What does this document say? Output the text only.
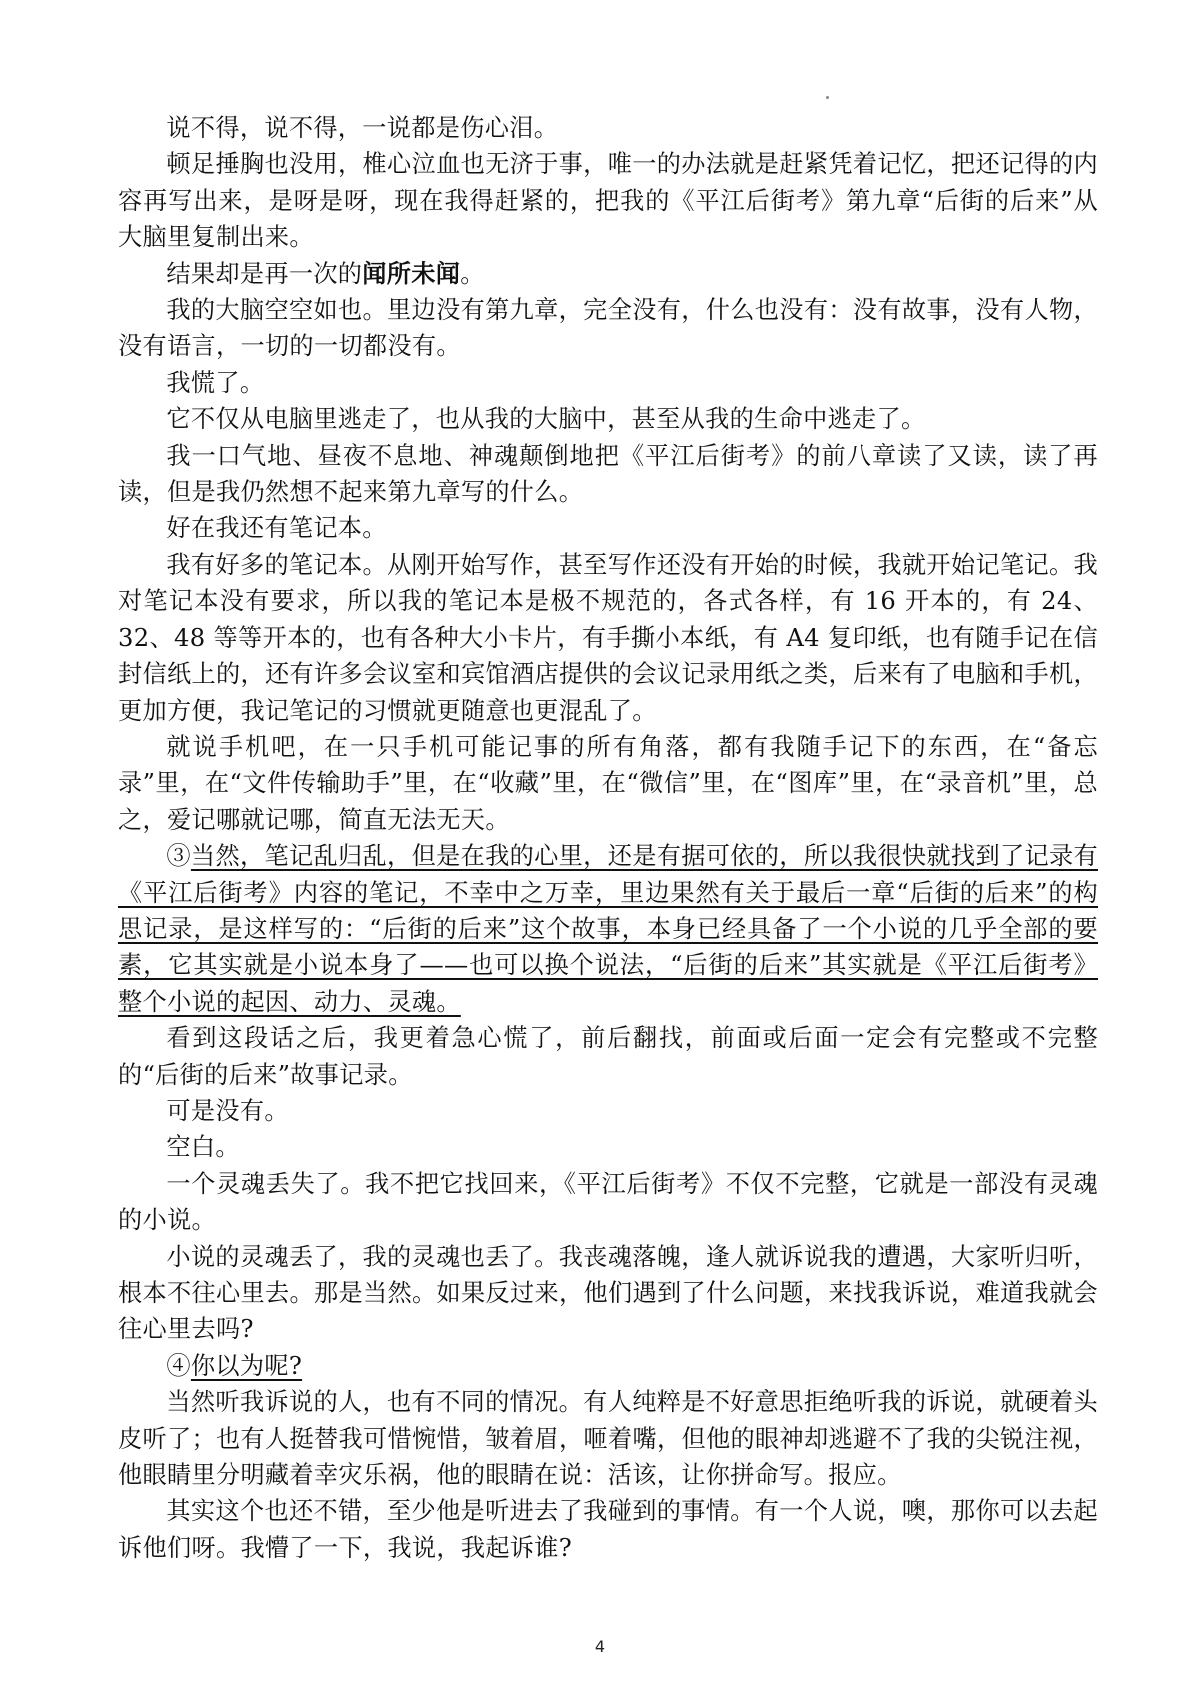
说不得，说不得，一说都是伤心泪。

顿足捶胸也没用，椎心泣血也无济于事，唯一的办法就是赶紧凭着记忆，把还记得的内容再写出来，是呀是呀，现在我得赶紧的，把我的《平江后街考》第九章“后街的后来”从大脑里复制出来。

结果却是再一次的闻所未闻。

我的大脑空空如也。里边没有第九章，完全没有，什么也没有：没有故事，没有人物，没有语言，一切的一切都没有。

我慌了。

它不仅从电脑里逃走了，也从我的大脑中，甚至从我的生命中逃走了。

我一口气地、昼夜不息地、神魂颠倒地把《平江后街考》的前八章读了又读，读了再读，但是我仍然想不起来第九章写的什么。

好在我还有笔记本。

我有好多的笔记本。从刚开始写作，甚至写作还没有开始的时候，我就开始记笔记。我对笔记本没有要求，所以我的笔记本是极不规范的，各式各样，有 16 开本的，有 24、32、48 等等开本的，也有各种大小卡片，有手撕小本纸，有 A4 复印纸，也有随手记在信封信纸上的，还有许多会议室和宾馆酒店提供的会议记录用纸之类，后来有了电脑和手机，更加方便，我记笔记的习惯就更随意也更混乱了。

就说手机吧，在一只手机可能记事的所有角落，都有我随手记下的东西，在“备忘录”里，在“文件传输助手”里，在“收藏”里，在“微信”里，在“图库”里，在“录音机”里，总之，爱记哪就记哪，简直无法无天。

③当然，笔记乱归乱，但是在我的心里，还是有据可依的，所以我很快就找到了记录有《平江后街考》内容的笔记，不幸中之万幸，里边果然有关于最后一章“后街的后来”的构思记录，是这样写的：“后街的后来”这个故事，本身已经具备了一个小说的几乎全部的要素，它其实就是小说本身了——也可以换个说法，“后街的后来”其实就是《平江后街考》整个小说的起因、动力、灵魂。

看到这段话之后，我更着急心慌了，前后翻找，前面或后面一定会有完整或不完整的“后街的后来”故事记录。

可是没有。

空白。

一个灵魂丢失了。我不把它找回来，《平江后街考》不仅不完整，它就是一部没有灵魂的小说。

小说的灵魂丢了，我的灵魂也丢了。我丧魂落魄，逢人就诉说我的遭遇，大家听归听，根本不往心里去。那是当然。如果反过来，他们遇到了什么问题，来找我诉说，难道我就会往心里去吗?

④你以为呢?

当然听我诉说的人，也有不同的情况。有人纯粹是不好意思拒绝听我的诉说，就硬着头皮听了；也有人挺替我可惜惋惜，皱着眉，咂着嘴，但他的眼神却逃避不了我的尖锐注视，他眼睛里分明藏着幸灾乐祸，他的眼睛在说：活该，让你拼命写。报应。

其实这个也还不错，至少他是听进去了我碰到的事情。有一个人说，噢，那你可以去起诉他们呀。我懵了一下，我说，我起诉谁?

4
